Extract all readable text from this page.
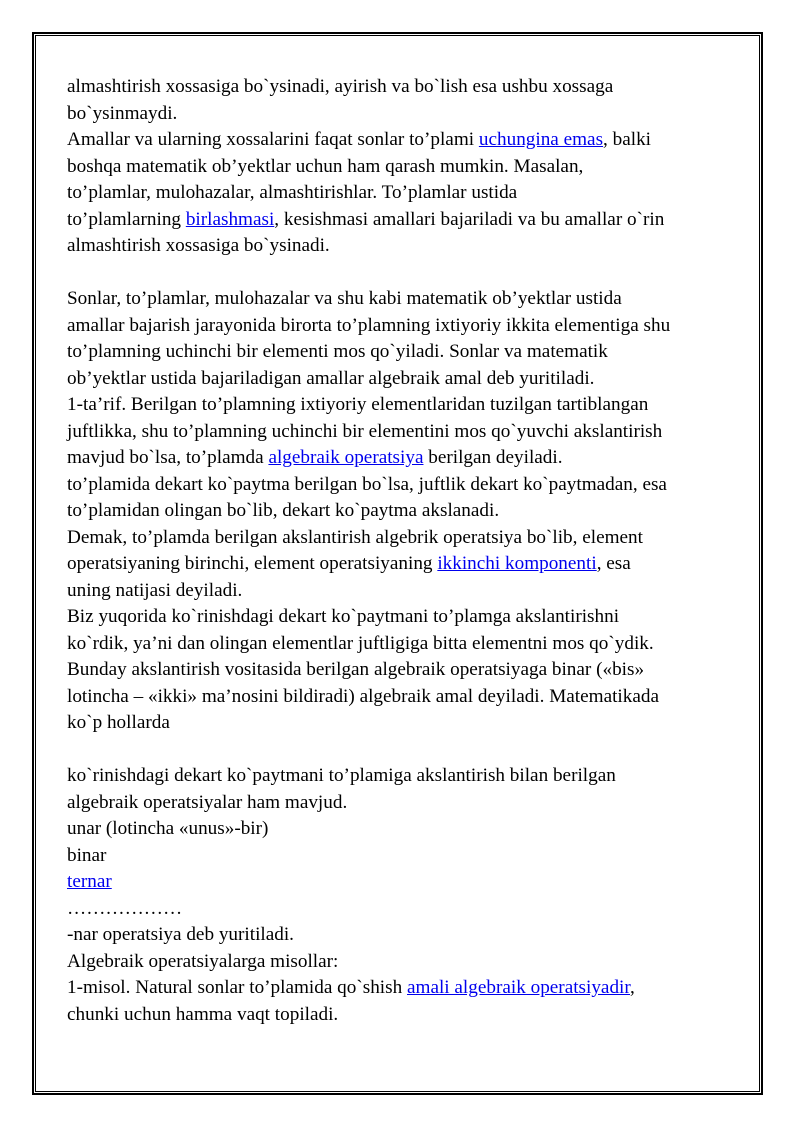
almashtirish xossasiga bo`ysinadi, ayirish va bo`lish esa ushbu xossaga
bo`ysinmaydi.
Amallar va ularning xossalarini faqat sonlar to’plami uchungina emas, balki
boshqa matematik ob’yektlar uchun ham qarash mumkin. Masalan,
to’plamlar, mulohazalar, almashtirishlar. To’plamlar ustida
to’plamlarning birlashmasi, kesishmasi amallari bajariladi va bu amallar o`rin
almashtirish xossasiga bo`ysinadi.
Sonlar, to’plamlar, mulohazalar va shu kabi matematik ob’yektlar ustida
amallar bajarish jarayonida birorta to’plamning ixtiyoriy ikkita elementiga shu
to’plamning uchinchi bir elementi mos qo`yiladi. Sonlar va matematik
ob’yektlar ustida bajariladigan amallar algebraik amal deb yuritiladi.
1-ta’rif. Berilgan to’plamning ixtiyoriy elementlaridan tuzilgan tartiblangan
juftlikka, shu to’plamning uchinchi bir elementini mos qo`yuvchi akslantirish
mavjud bo`lsa, to’plamda algebraik operatsiya berilgan deyiladi.
to’plamida dekart ko`paytma berilgan bo`lsa, juftlik dekart ko`paytmadan, esa
to’plamidan olingan bo`lib, dekart ko`paytma akslanadi.
Demak, to’plamda berilgan akslantirish algebrik operatsiya bo`lib, element
operatsiyaning birinchi, element operatsiyaning ikkinchi komponenti, esa
uning natijasi deyiladi.
Biz yuqorida ko`rinishdagi dekart ko`paytmani to’plamga akslantirishni
ko`rdik, ya’ni dan olingan elementlar juftligiga bitta elementni mos qo`ydik.
Bunday akslantirish vositasida berilgan algebraik operatsiyaga binar («bis»
lotincha – «ikki» ma’nosini bildiradi) algebraik amal deyiladi. Matematikada
ko`p hollarda
ko`rinishdagi dekart ko`paytmani to’plamiga akslantirish bilan berilgan
algebraik operatsiyalar ham mavjud.
unar (lotincha «unus»-bir)
binar
ternar
………………
-nar operatsiya deb yuritiladi.
Algebraik operatsiyalarga misollar:
1-misol. Natural sonlar to’plamida qo`shish amali algebraik operatsiyadir,
chunki uchun hamma vaqt topiladi.
